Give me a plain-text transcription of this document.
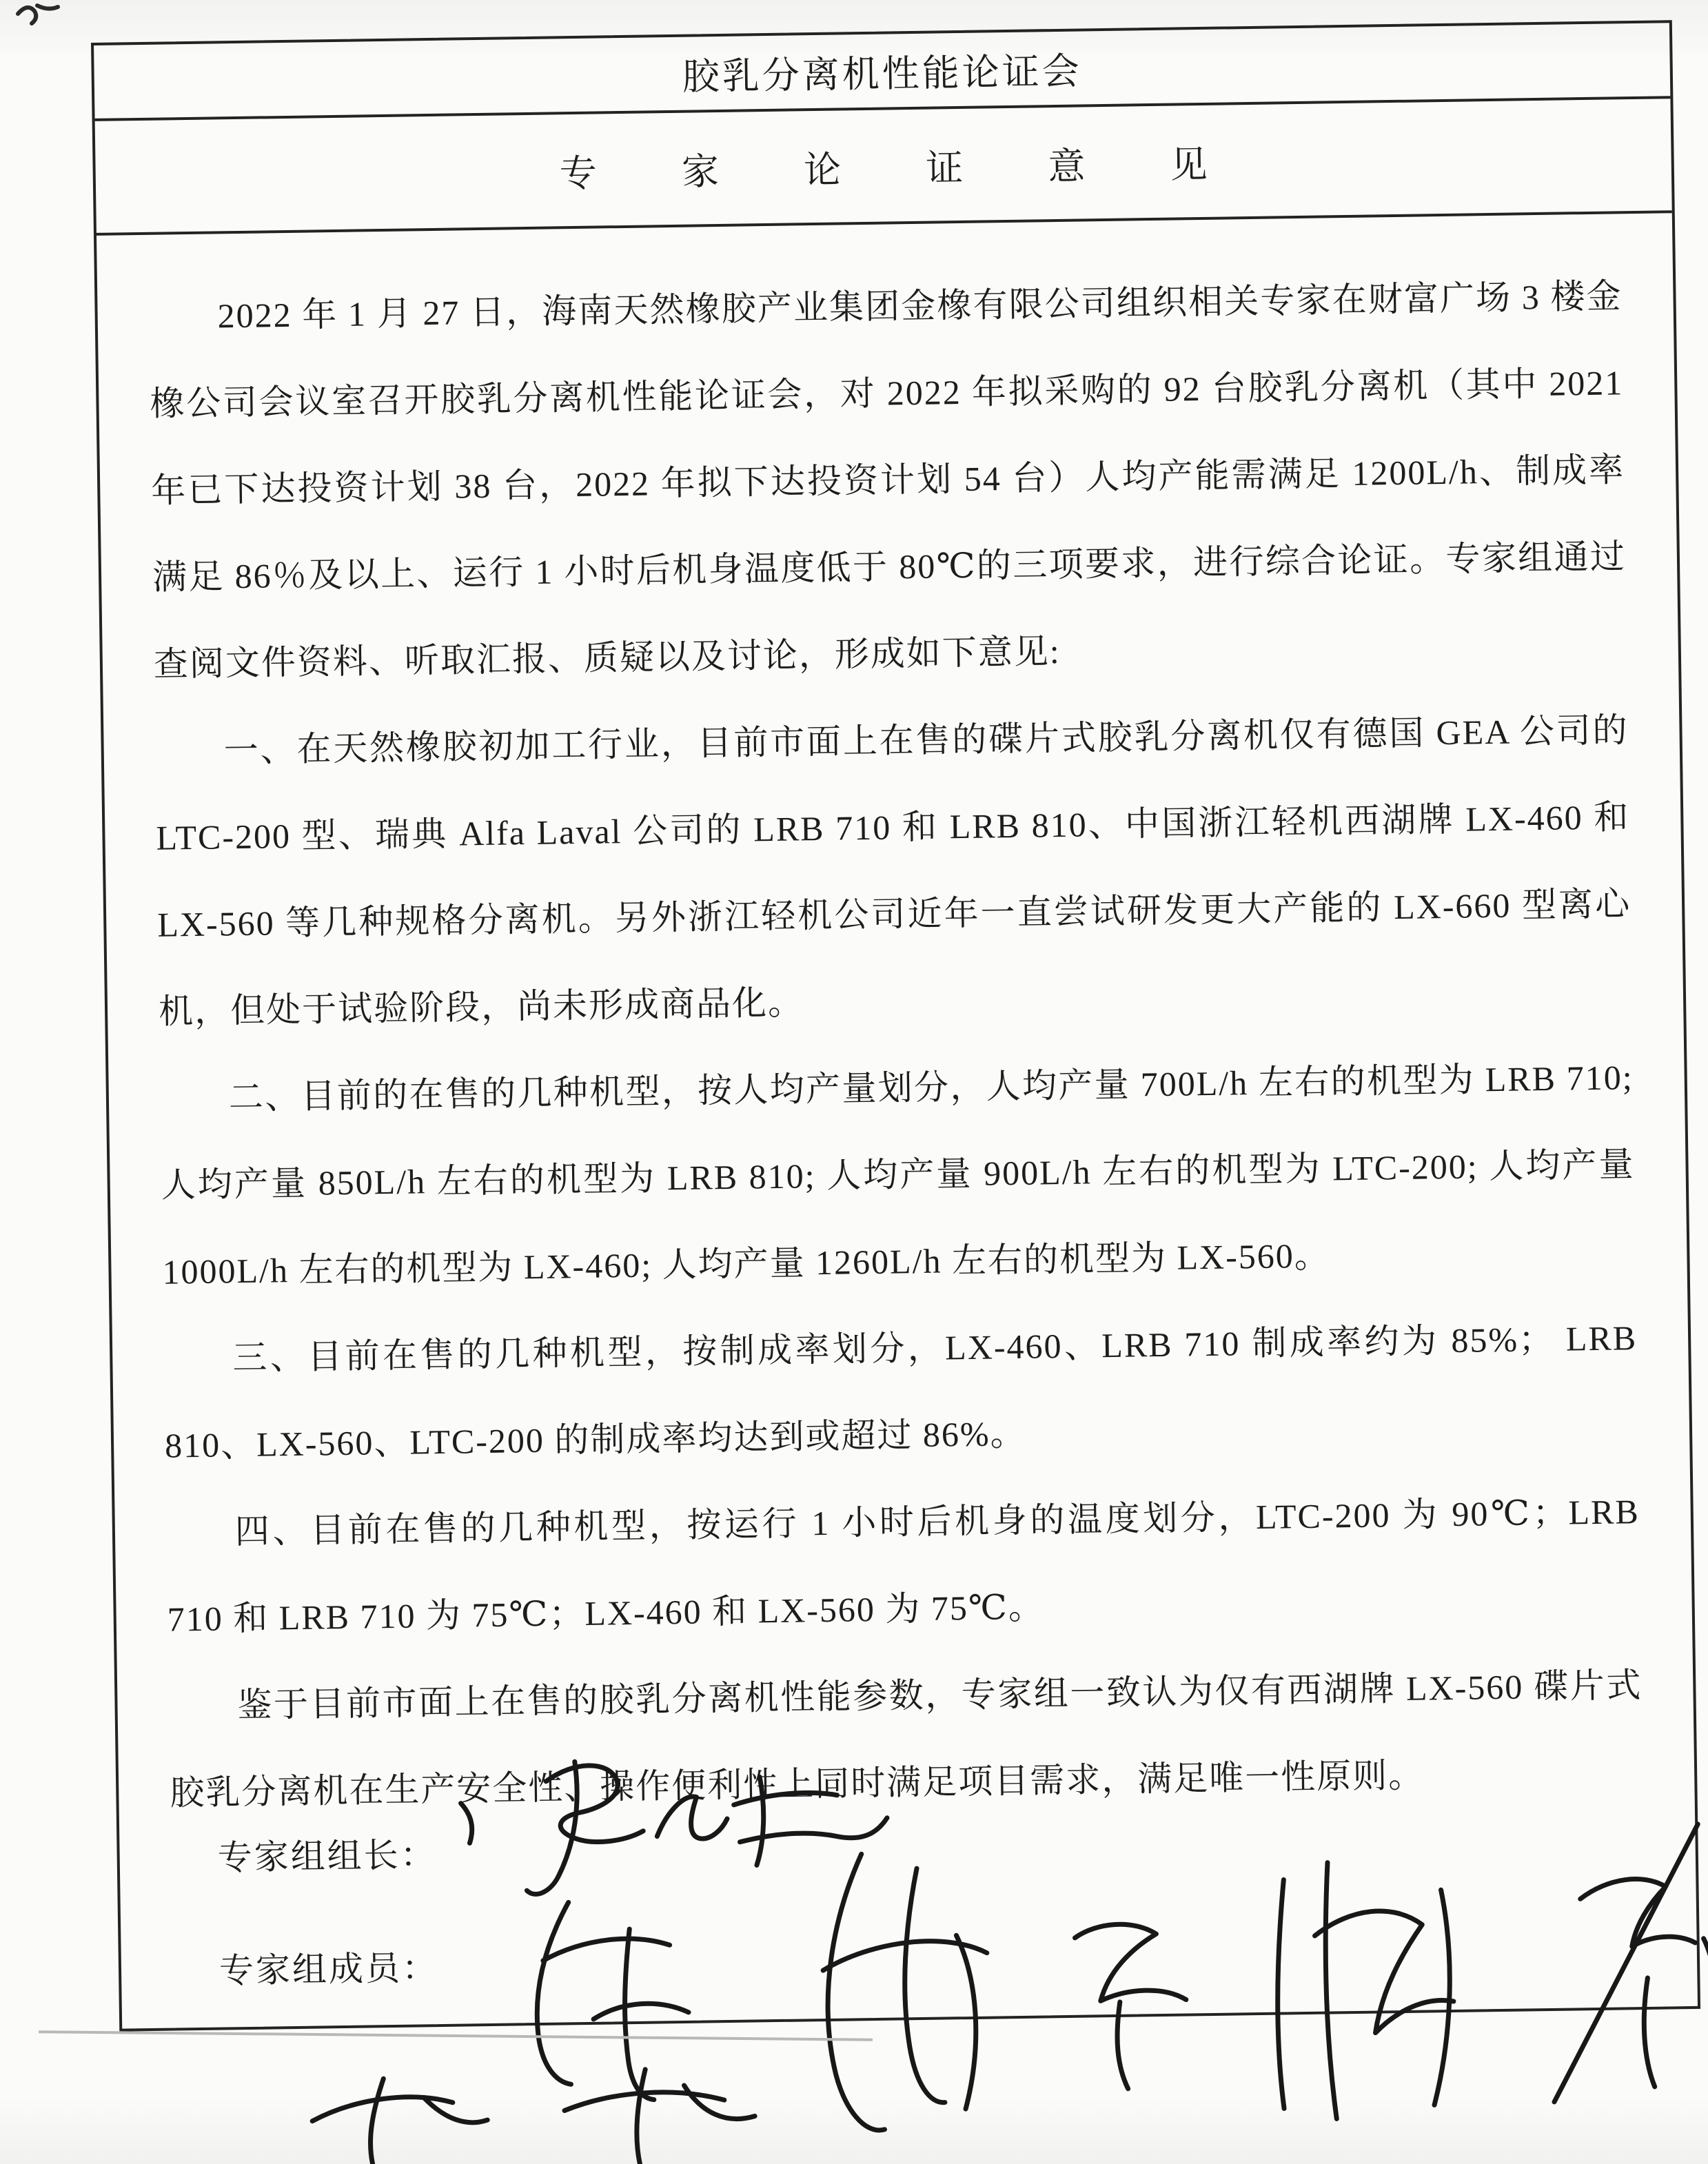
胶乳分离机性能论证会
专 家 论 证 意 见

2022 年 1 月 27 日，海南天然橡胶产业集团金橡有限公司组织相关专家在财富广场 3 楼金橡公司会议室召开胶乳分离机性能论证会，对 2022 年拟采购的 92 台胶乳分离机（其中 2021 年已下达投资计划 38 台，2022 年拟下达投资计划 54 台）人均产能需满足 1200L/h、制成率满足 86％及以上、运行 1 小时后机身温度低于 80℃的三项要求，进行综合论证。专家组通过查阅文件资料、听取汇报、质疑以及讨论，形成如下意见:

一、在天然橡胶初加工行业，目前市面上在售的碟片式胶乳分离机仅有德国 GEA 公司的 LTC-200 型、瑞典 Alfa Laval 公司的 LRB 710 和 LRB 810、中国浙江轻机西湖牌 LX-460 和 LX-560 等几种规格分离机。另外浙江轻机公司近年一直尝试研发更大产能的 LX-660 型离心机，但处于试验阶段，尚未形成商品化。

二、目前的在售的几种机型，按人均产量划分，人均产量 700L/h 左右的机型为 LRB 710; 人均产量 850L/h 左右的机型为 LRB 810; 人均产量 900L/h 左右的机型为 LTC-200; 人均产量 1000L/h 左右的机型为 LX-460; 人均产量 1260L/h 左右的机型为 LX-560。

三、目前在售的几种机型，按制成率划分，LX-460、LRB 710 制成率约为 85%； LRB 810、LX-560、LTC-200 的制成率均达到或超过 86%。

四、目前在售的几种机型，按运行 1 小时后机身的温度划分，LTC-200 为 90℃；LRB 710 和 LRB 710 为 75℃；LX-460 和 LX-560 为 75℃。

鉴于目前市面上在售的胶乳分离机性能参数，专家组一致认为仅有西湖牌 LX-560 碟片式胶乳分离机在生产安全性、操作便利性上同时满足项目需求，满足唯一性原则。

专家组组长：
专家组成员：
